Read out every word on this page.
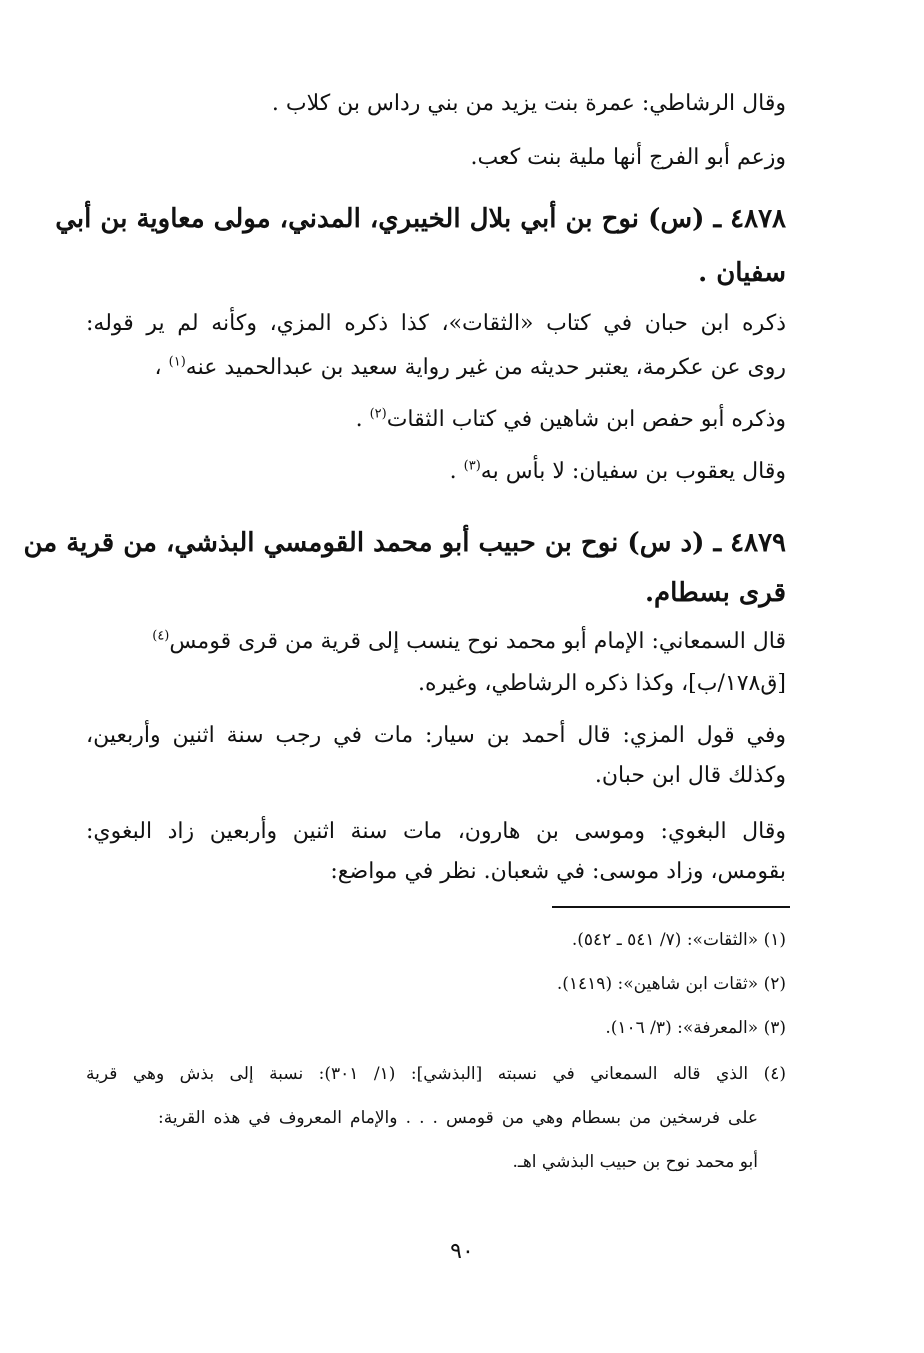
وقال الرشاطي: عمرة بنت يزيد من بني رداس بن كلاب .
وزعم أبو الفرج أنها ملية بنت كعب.
٤٨٧٨ ـ (س) نوح بن أبي بلال الخيبري، المدني، مولى معاوية بن أبي
سفيان .
ذكره ابن حبان في كتاب «الثقات»، كذا ذكره المزي، وكأنه لم ير قوله:
روى عن عكرمة، يعتبر حديثه من غير رواية سعيد بن عبدالحميد عنه$^{(١)}$ ،
وذكره أبو حفص ابن شاهين في كتاب الثقات$^{(٢)}$ .
وقال يعقوب بن سفيان: لا بأس به$^{(٣)}$ .
٤٨٧٩ ـ (د س) نوح بن حبيب أبو محمد القومسي البذشي، من قرية من
قرى بسطام.
قال السمعاني: الإمام أبو محمد نوح ينسب إلى قرية من قرى قومس$^{(٤)}$
[ق١٧٨/ب]، وكذا ذكره الرشاطي، وغيره.
وفي قول المزي: قال أحمد بن سيار: مات في رجب سنة اثنين وأربعين،
وكذلك قال ابن حبان.
وقال البغوي: وموسى بن هارون، مات سنة اثنين وأربعين زاد البغوي:
بقومس، وزاد موسى: في شعبان. نظر في مواضع:
(١) «الثقات»: (٧/ ٥٤١ ـ ٥٤٢).
(٢) «ثقات ابن شاهين»: (١٤١٩).
(٣) «المعرفة»: (٣/ ١٠٦).
(٤) الذي قاله السمعاني في نسبته [البذشي]: (١/ ٣٠١): نسبة إلى بذش وهي قرية
على فرسخين من بسطام وهي من قومس . . . والإمام المعروف في هذه القرية:
أبو محمد نوح بن حبيب البذشي اهـ.
٩٠
